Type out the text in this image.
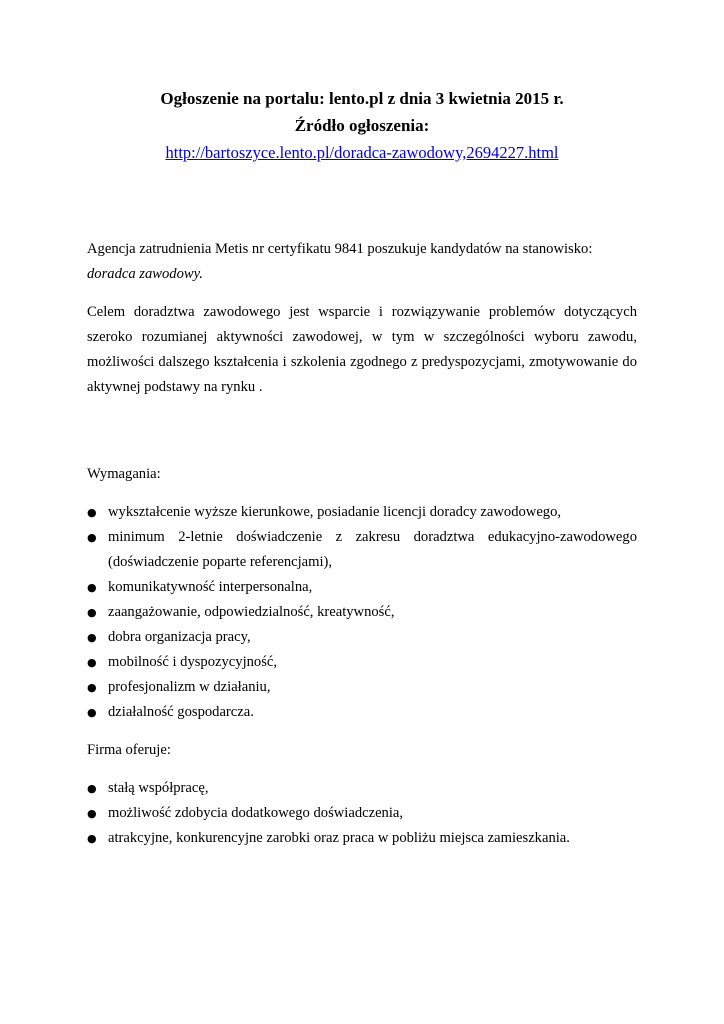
Ogłoszenie na portalu: lento.pl z dnia 3 kwietnia 2015 r.
Źródło ogłoszenia:
http://bartoszyce.lento.pl/doradca-zawodowy,2694227.html

Agencja zatrudnienia Metis nr certyfikatu 9841 poszukuje kandydatów na stanowisko:
doradca zawodowy.

Celem doradztwa zawodowego jest wsparcie i rozwiązywanie problemów dotyczących szeroko rozumianej aktywności zawodowej, w tym w szczególności wyboru zawodu, możliwości dalszego kształcenia i szkolenia zgodnego z predyspozycjami, zmotywowanie do aktywnej podstawy na rynku .

Wymagania:

● wykształcenie wyższe kierunkowe, posiadanie licencji doradcy zawodowego,
● minimum 2-letnie doświadczenie z zakresu doradztwa edukacyjno-zawodowego (doświadczenie poparte referencjami),
● komunikatywność interpersonalna,
● zaangażowanie, odpowiedzialność, kreatywność,
● dobra organizacja pracy,
● mobilność i dyspozycyjność,
● profesjonalizm w działaniu,
● działalność gospodarcza.

Firma oferuje:

● stałą współpracę,
● możliwość zdobycia dodatkowego doświadczenia,
● atrakcyjne, konkurencyjne zarobki oraz praca w pobliżu miejsca zamieszkania.
